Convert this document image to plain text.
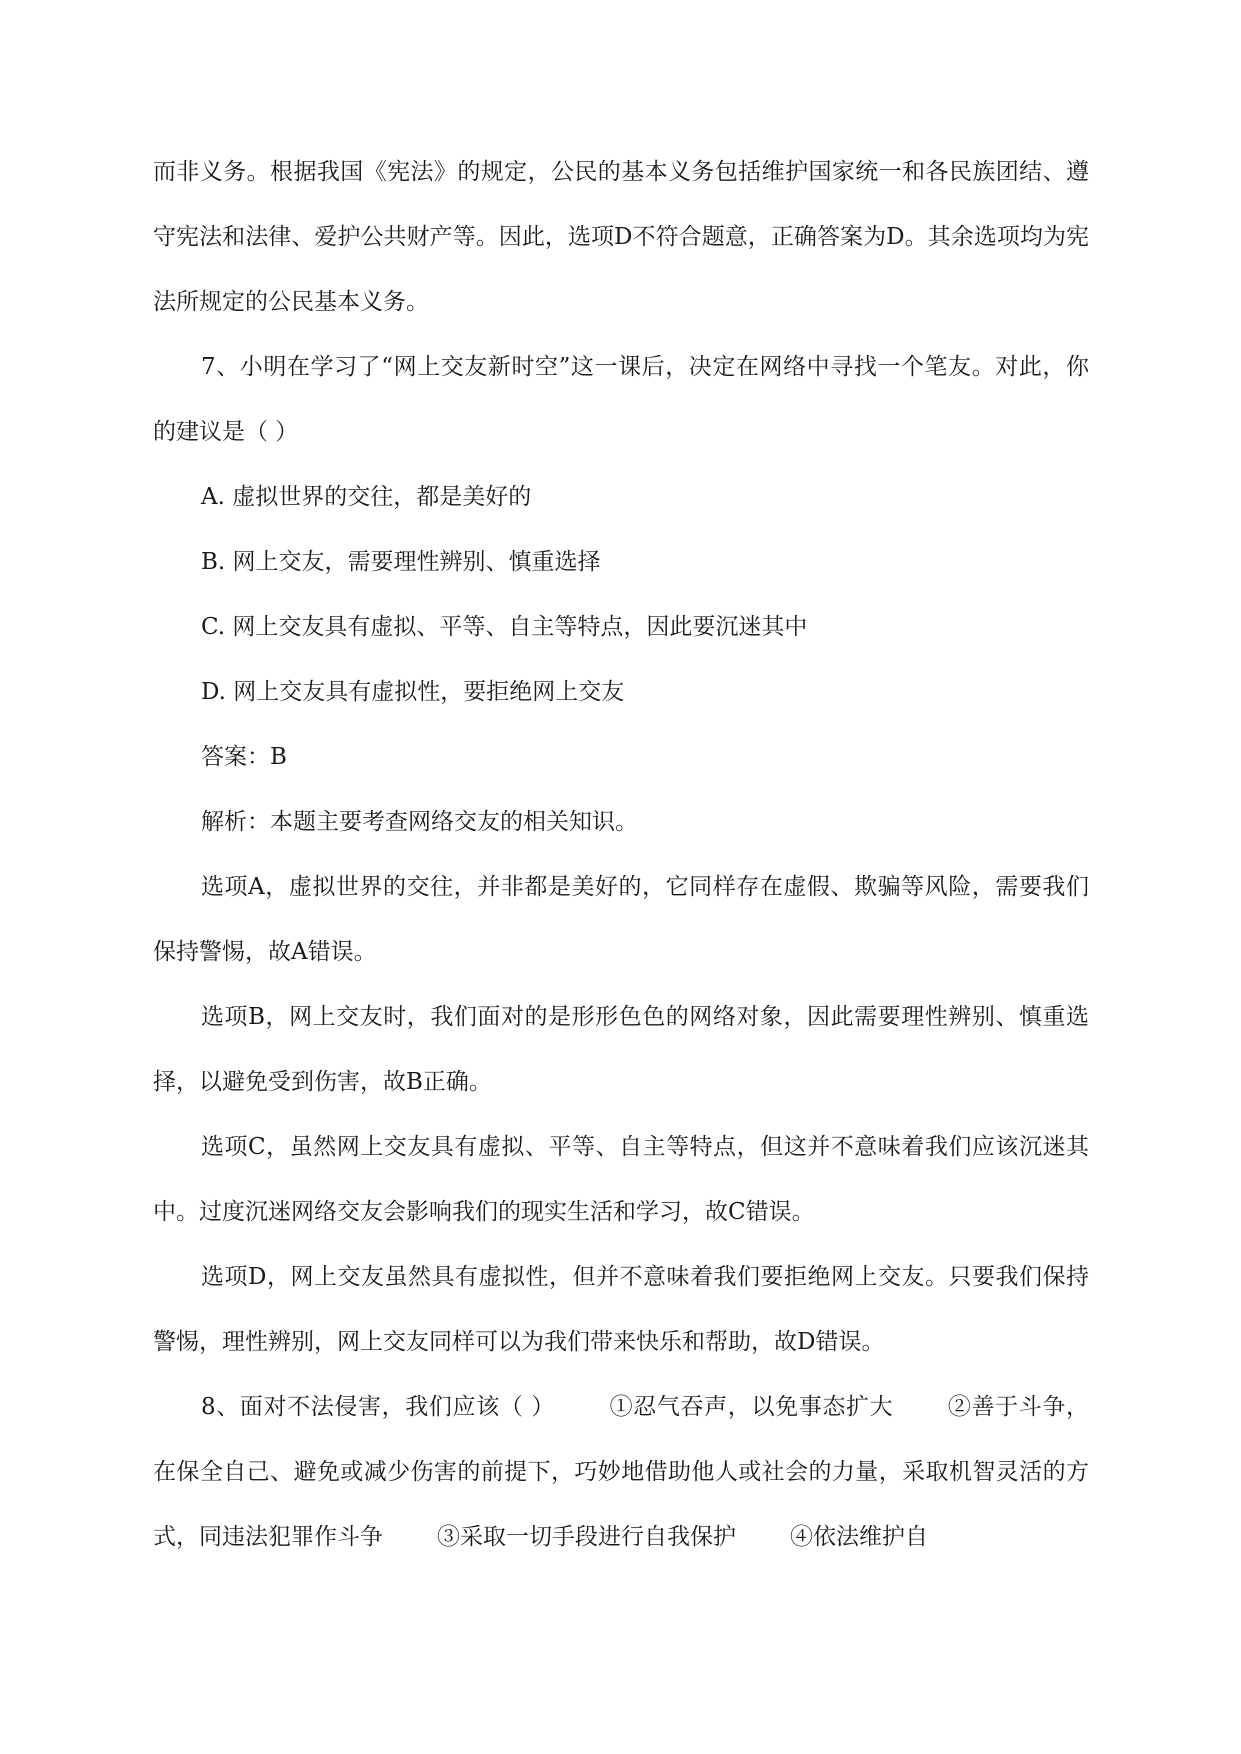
而非义务。根据我国《宪法》的规定，公民的基本义务包括维护国家统一和各民族团结、遵守宪法和法律、爱护公共财产等。因此，选项D不符合题意，正确答案为D。其余选项均为宪法所规定的公民基本义务。

7、小明在学习了“网上交友新时空”这一课后，决定在网络中寻找一个笔友。对此，你的建议是（ ）

A. 虚拟世界的交往，都是美好的

B. 网上交友，需要理性辨别、慎重选择

C. 网上交友具有虚拟、平等、自主等特点，因此要沉迷其中

D. 网上交友具有虚拟性，要拒绝网上交友

答案：B

解析：本题主要考查网络交友的相关知识。

选项A，虚拟世界的交往，并非都是美好的，它同样存在虚假、欺骗等风险，需要我们保持警惕，故A错误。

选项B，网上交友时，我们面对的是形形色色的网络对象，因此需要理性辨别、慎重选择，以避免受到伤害，故B正确。

选项C，虽然网上交友具有虚拟、平等、自主等特点，但这并不意味着我们应该沉迷其中。过度沉迷网络交友会影响我们的现实生活和学习，故C错误。

选项D，网上交友虽然具有虚拟性，但并不意味着我们要拒绝网上交友。只要我们保持警惕，理性辨别，网上交友同样可以为我们带来快乐和帮助，故D错误。

8、面对不法侵害，我们应该（ ） ①忍气吞声，以免事态扩大 ②善于斗争，在保全自己、避免或减少伤害的前提下，巧妙地借助他人或社会的力量，采取机智灵活的方式，同违法犯罪作斗争 ③采取一切手段进行自我保护 ④依法维护自
